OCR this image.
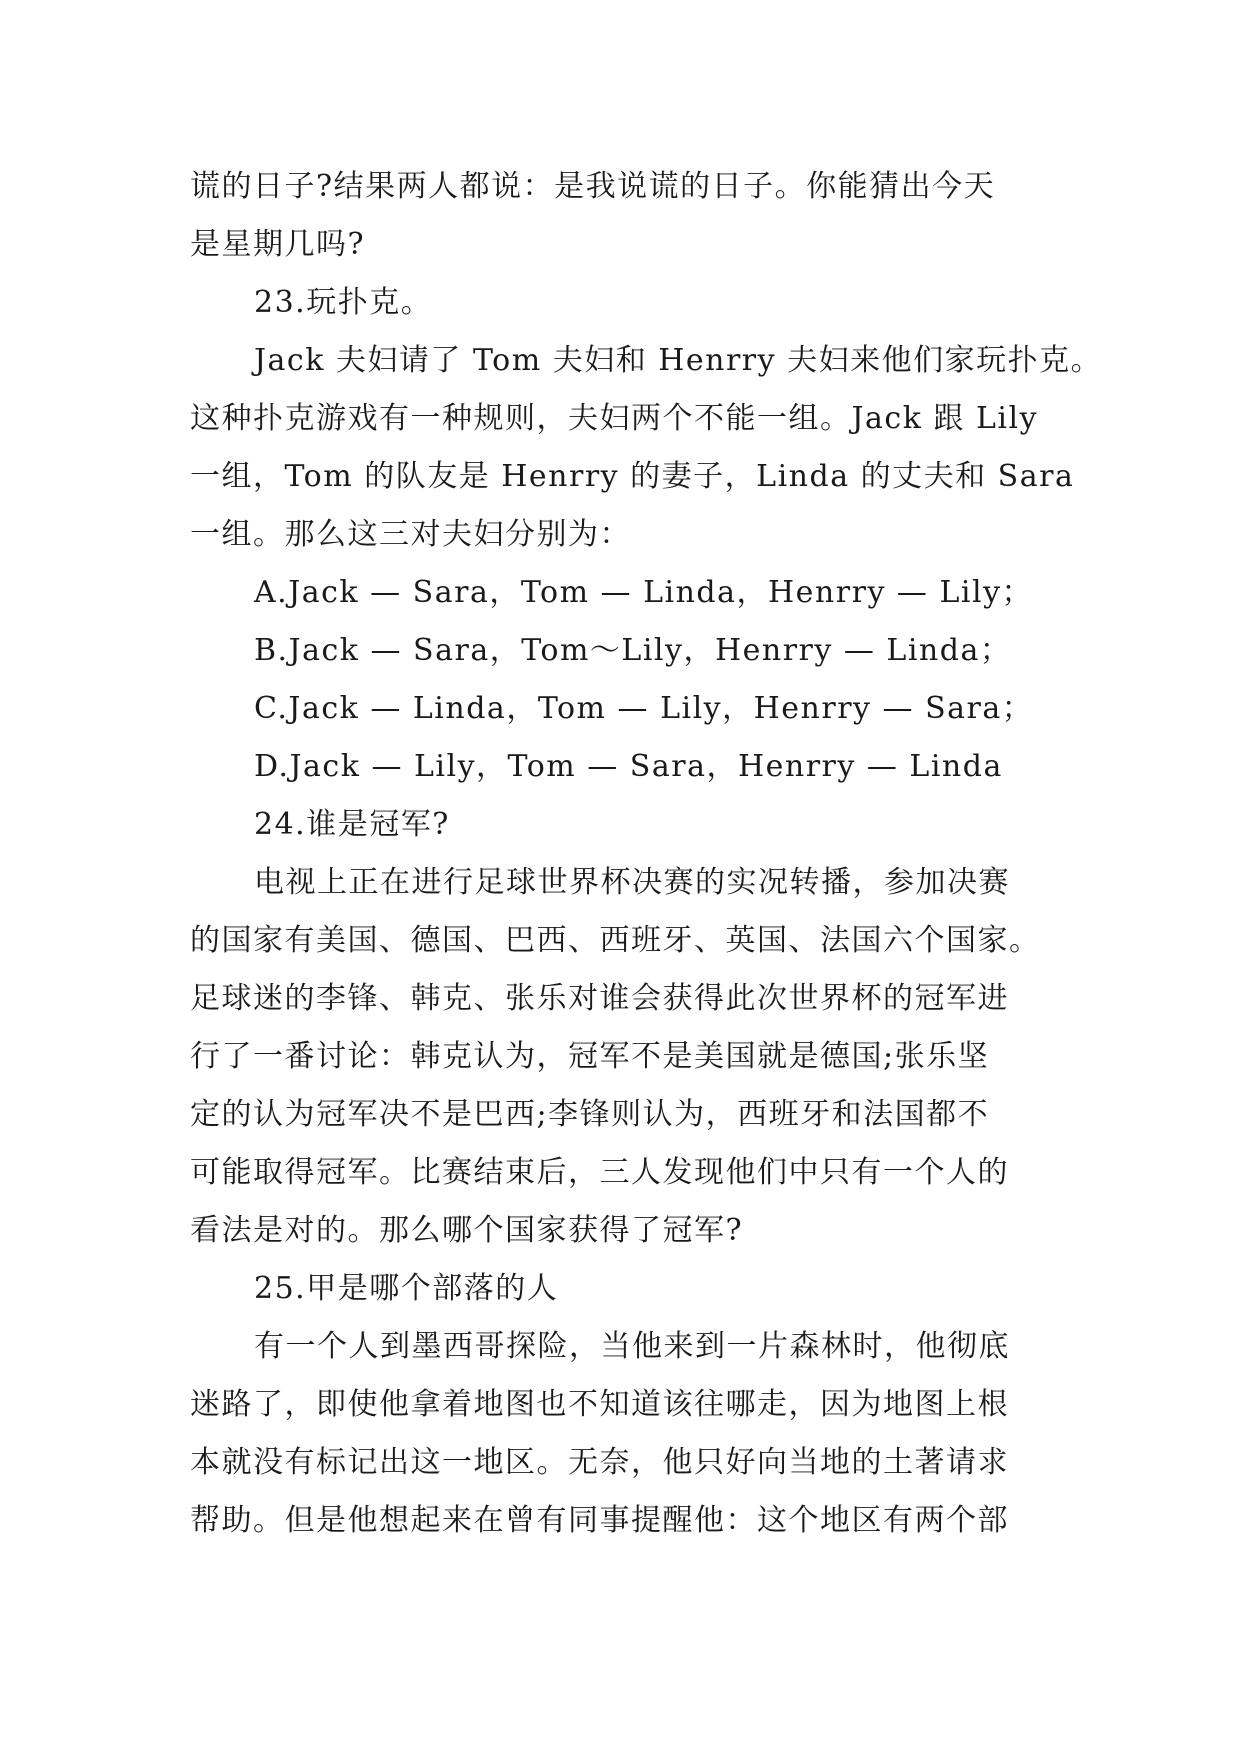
谎的日子?结果两人都说：是我说谎的日子。你能猜出今天
是星期几吗?
23.玩扑克。
Jack 夫妇请了 Tom 夫妇和 Henrry 夫妇来他们家玩扑克。
这种扑克游戏有一种规则，夫妇两个不能一组。Jack 跟 Lily
一组，Tom 的队友是 Henrry 的妻子，Linda 的丈夫和 Sara
一组。那么这三对夫妇分别为：
A.Jack — Sara，Tom — Linda，Henrry — Lily；
B.Jack — Sara，Tom～Lily，Henrry — Linda；
C.Jack — Linda，Tom — Lily，Henrry — Sara；
D.Jack — Lily，Tom — Sara，Henrry — Linda
24.谁是冠军?
电视上正在进行足球世界杯决赛的实况转播，参加决赛
的国家有美国、德国、巴西、西班牙、英国、法国六个国家。
足球迷的李锋、韩克、张乐对谁会获得此次世界杯的冠军进
行了一番讨论：韩克认为，冠军不是美国就是德国;张乐坚
定的认为冠军决不是巴西;李锋则认为，西班牙和法国都不
可能取得冠军。比赛结束后，三人发现他们中只有一个人的
看法是对的。那么哪个国家获得了冠军?
25.甲是哪个部落的人
有一个人到墨西哥探险，当他来到一片森林时，他彻底
迷路了，即使他拿着地图也不知道该往哪走，因为地图上根
本就没有标记出这一地区。无奈，他只好向当地的土著请求
帮助。但是他想起来在曾有同事提醒他：这个地区有两个部
